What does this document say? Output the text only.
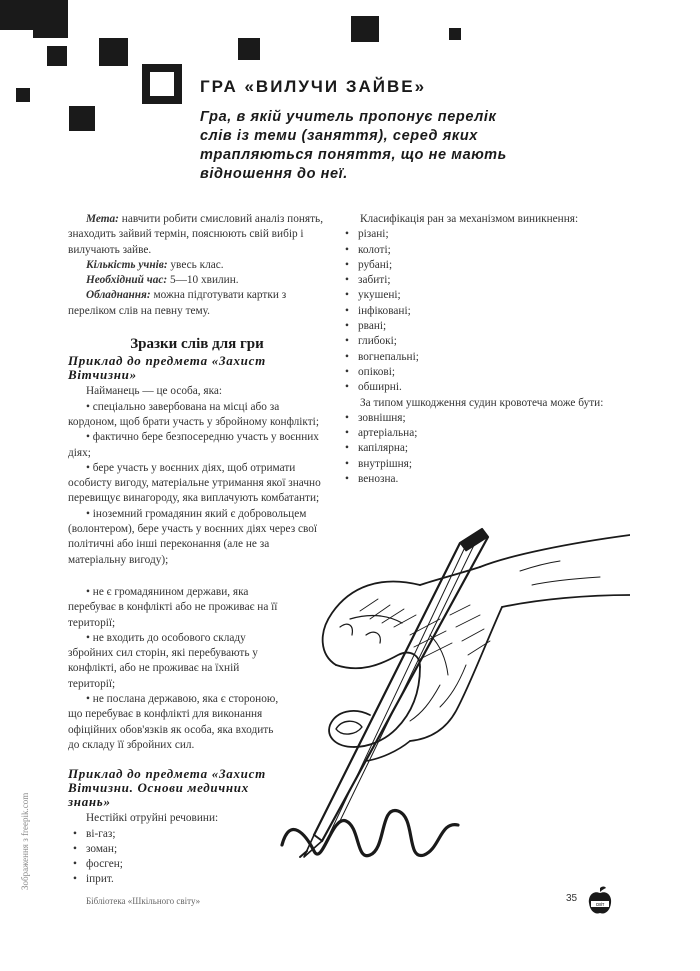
ГРА «ВИЛУЧИ ЗАЙВЕ»
Гра, в якій учитель пропонує перелік слів із теми (заняття), серед яких трапляються поняття, що не мають відношення до неї.

Мета: навчити робити смисловий аналіз понять, знаходить зайвий термін, пояснюють свій вибір і вилучають зайве.

Кількість учнів: увесь клас.

Необхідний час: 5—10 хвилин.

Обладнання: можна підготувати картки з переліком слів на певну тему.

Зразки слів для гри
Приклад до предмета «Захист Вітчизни»

Найманець — це особа, яка:

• спеціально завербована на місці або за кордоном, щоб брати участь у збройному конфлікті;

• фактично бере безпосередню участь у воєнних діях;

• бере участь у воєнних діях, щоб отримати особисту вигоду, матеріальне утримання якої значно перевищує винагороду, яка виплачують комбатанти;

• іноземний громадянин який є добровольцем (волонтером), бере участь у воєнних діях через свої політичні або інші переконання (але не за матеріальну вигоду);

• не є громадянином держави, яка перебуває в конфлікті або не проживає на її території;

• не входить до особового складу збройних сил сторін, які перебувають у конфлікті, або не проживає на їхній території;

• не послана державою, яка є стороною, що перебуває в конфлікті для виконання офіційних обов'язків як особа, яка входить до складу її збройних сил.

Приклад до предмета «Захист Вітчизни. Основи медичних знань»

Нестійкі отруйні речовини:

• ві-газ;
• зоман;
• фосген;
• іприт.

Класифікація ран за механізмом виникнення:

• різані;
• колоті;
• рубані;
• забиті;
• укушені;
• інфіковані;
• рвані;
• глибокі;
• вогнепальні;
• опікові;
• обширні.

За типом ушкодження судин кровотеча може бути:

• зовнішня;
• артеріальна;
• капілярна;
• внутрішня;
• венозна.
Зображення з freepik.com
Бібліотека «Шкільного світу»	35
світ
